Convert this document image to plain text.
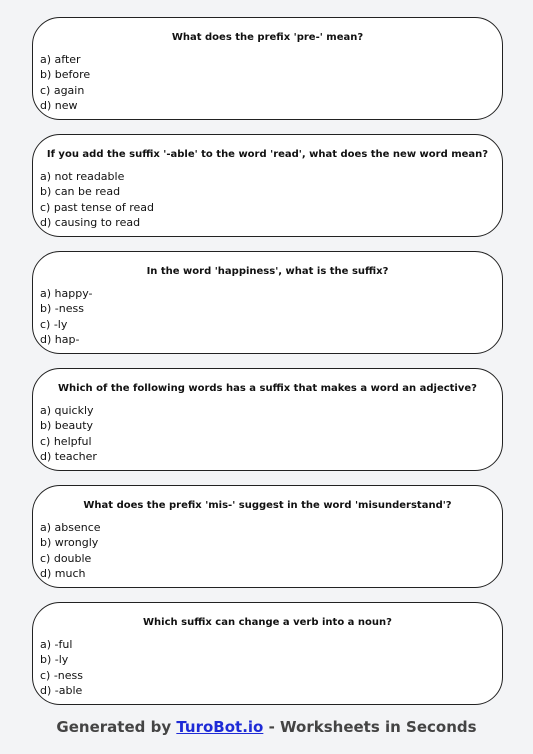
What does the prefix 'pre-' mean?
a) after
b) before
c) again
d) new
If you add the suffix '-able' to the word 'read', what does the new word mean?
a) not readable
b) can be read
c) past tense of read
d) causing to read
In the word 'happiness', what is the suffix?
a) happy-
b) -ness
c) -ly
d) hap-
Which of the following words has a suffix that makes a word an adjective?
a) quickly
b) beauty
c) helpful
d) teacher
What does the prefix 'mis-' suggest in the word 'misunderstand'?
a) absence
b) wrongly
c) double
d) much
Which suffix can change a verb into a noun?
a) -ful
b) -ly
c) -ness
d) -able
Generated by TuroBot.io - Worksheets in Seconds
